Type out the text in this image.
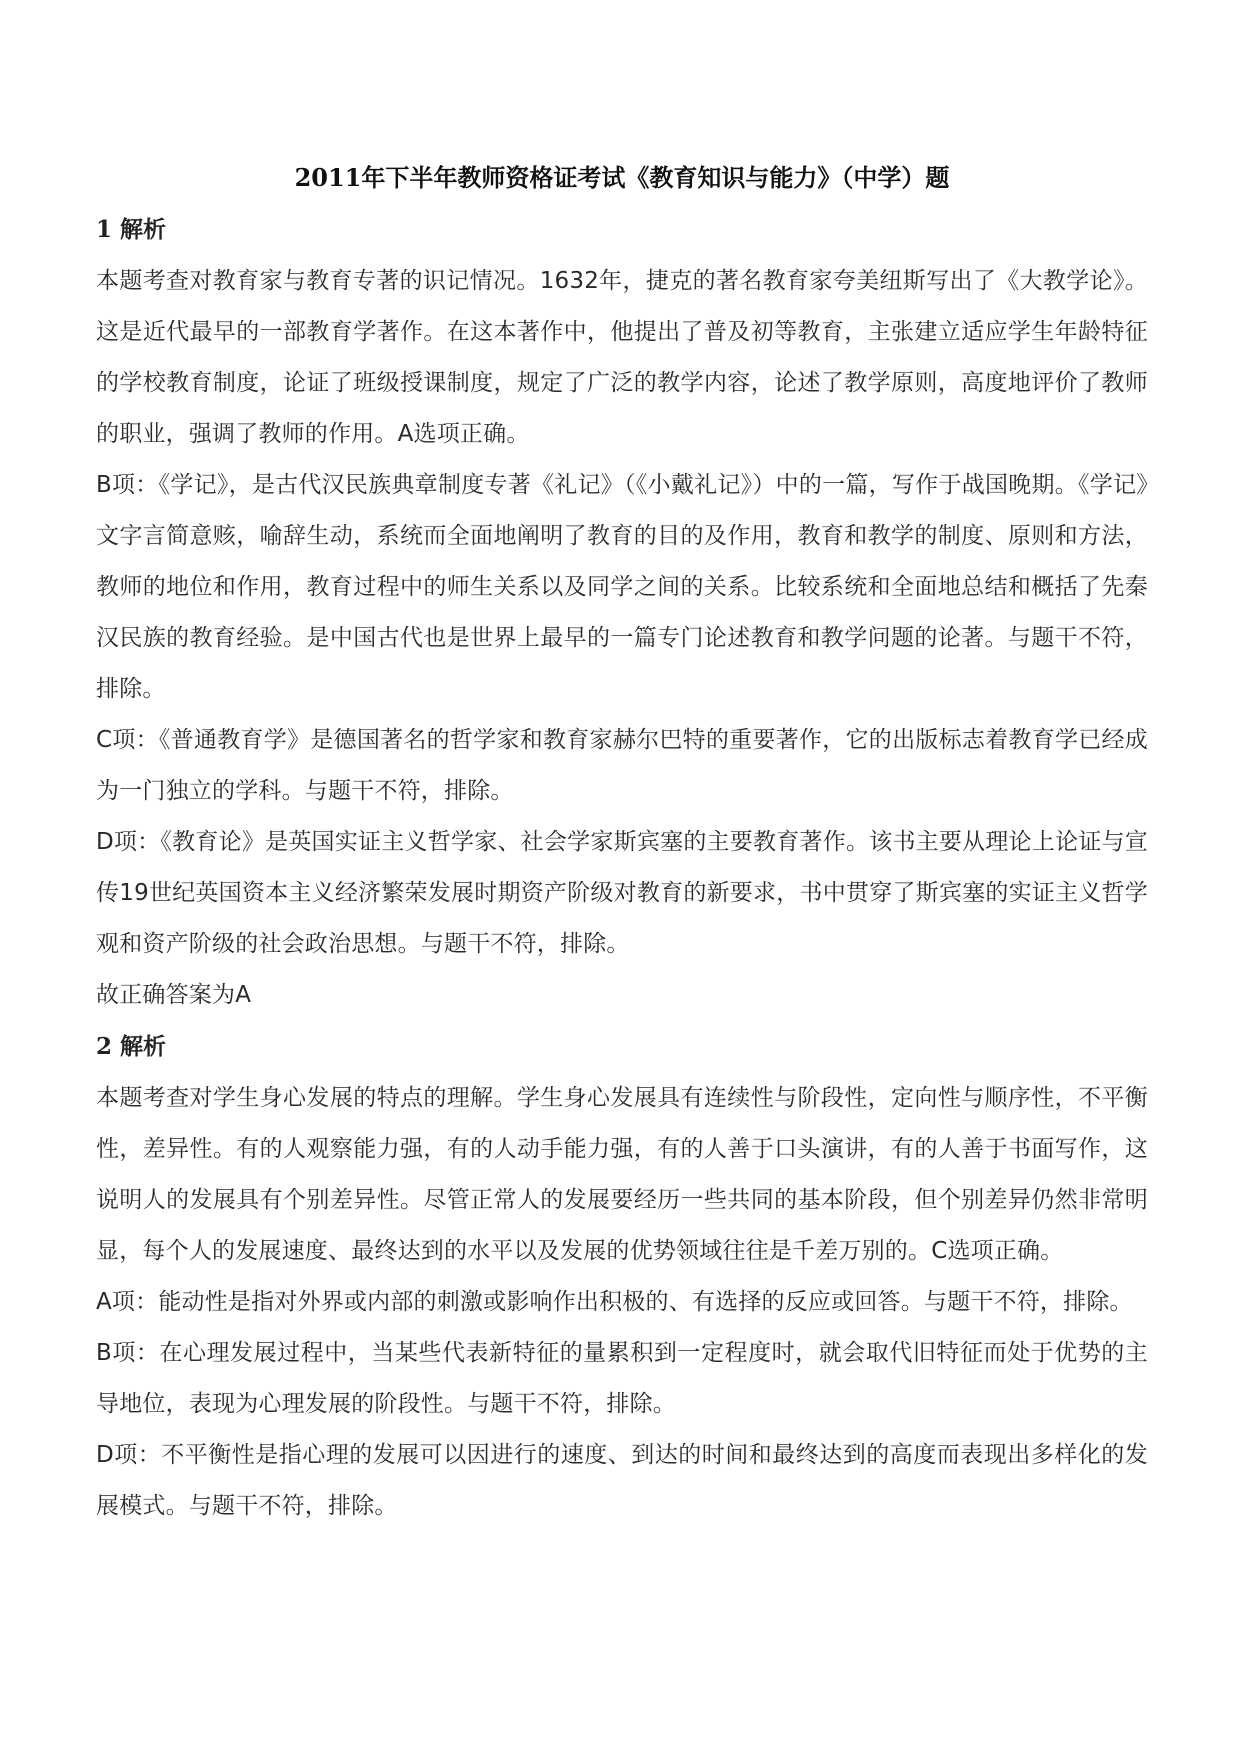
2011年下半年教师资格证考试《教育知识与能力》（中学）题
1 解析

本题考查对教育家与教育专著的识记情况。1632年，捷克的著名教育家夸美纽斯写出了《大教学论》。这是近代最早的一部教育学著作。在这本著作中，他提出了普及初等教育，主张建立适应学生年龄特征的学校教育制度，论证了班级授课制度，规定了广泛的教学内容，论述了教学原则，高度地评价了教师的职业，强调了教师的作用。A选项正确。

B项：《学记》，是古代汉民族典章制度专著《礼记》（《小戴礼记》）中的一篇，写作于战国晚期。《学记》文字言简意赅，喻辞生动，系统而全面地阐明了教育的目的及作用，教育和教学的制度、原则和方法，教师的地位和作用，教育过程中的师生关系以及同学之间的关系。比较系统和全面地总结和概括了先秦汉民族的教育经验。是中国古代也是世界上最早的一篇专门论述教育和教学问题的论著。与题干不符，排除。

C项：《普通教育学》是德国著名的哲学家和教育家赫尔巴特的重要著作，它的出版标志着教育学已经成为一门独立的学科。与题干不符，排除。

D项：《教育论》是英国实证主义哲学家、社会学家斯宾塞的主要教育著作。该书主要从理论上论证与宣传19世纪英国资本主义经济繁荣发展时期资产阶级对教育的新要求，书中贯穿了斯宾塞的实证主义哲学观和资产阶级的社会政治思想。与题干不符，排除。

故正确答案为A

2 解析

本题考查对学生身心发展的特点的理解。学生身心发展具有连续性与阶段性，定向性与顺序性，不平衡性，差异性。有的人观察能力强，有的人动手能力强，有的人善于口头演讲，有的人善于书面写作，这说明人的发展具有个别差异性。尽管正常人的发展要经历一些共同的基本阶段，但个别差异仍然非常明显，每个人的发展速度、最终达到的水平以及发展的优势领域往往是千差万别的。C选项正确。

A项：能动性是指对外界或内部的刺激或影响作出积极的、有选择的反应或回答。与题干不符，排除。

B项：在心理发展过程中，当某些代表新特征的量累积到一定程度时，就会取代旧特征而处于优势的主导地位，表现为心理发展的阶段性。与题干不符，排除。

D项：不平衡性是指心理的发展可以因进行的速度、到达的时间和最终达到的高度而表现出多样化的发展模式。与题干不符，排除。
